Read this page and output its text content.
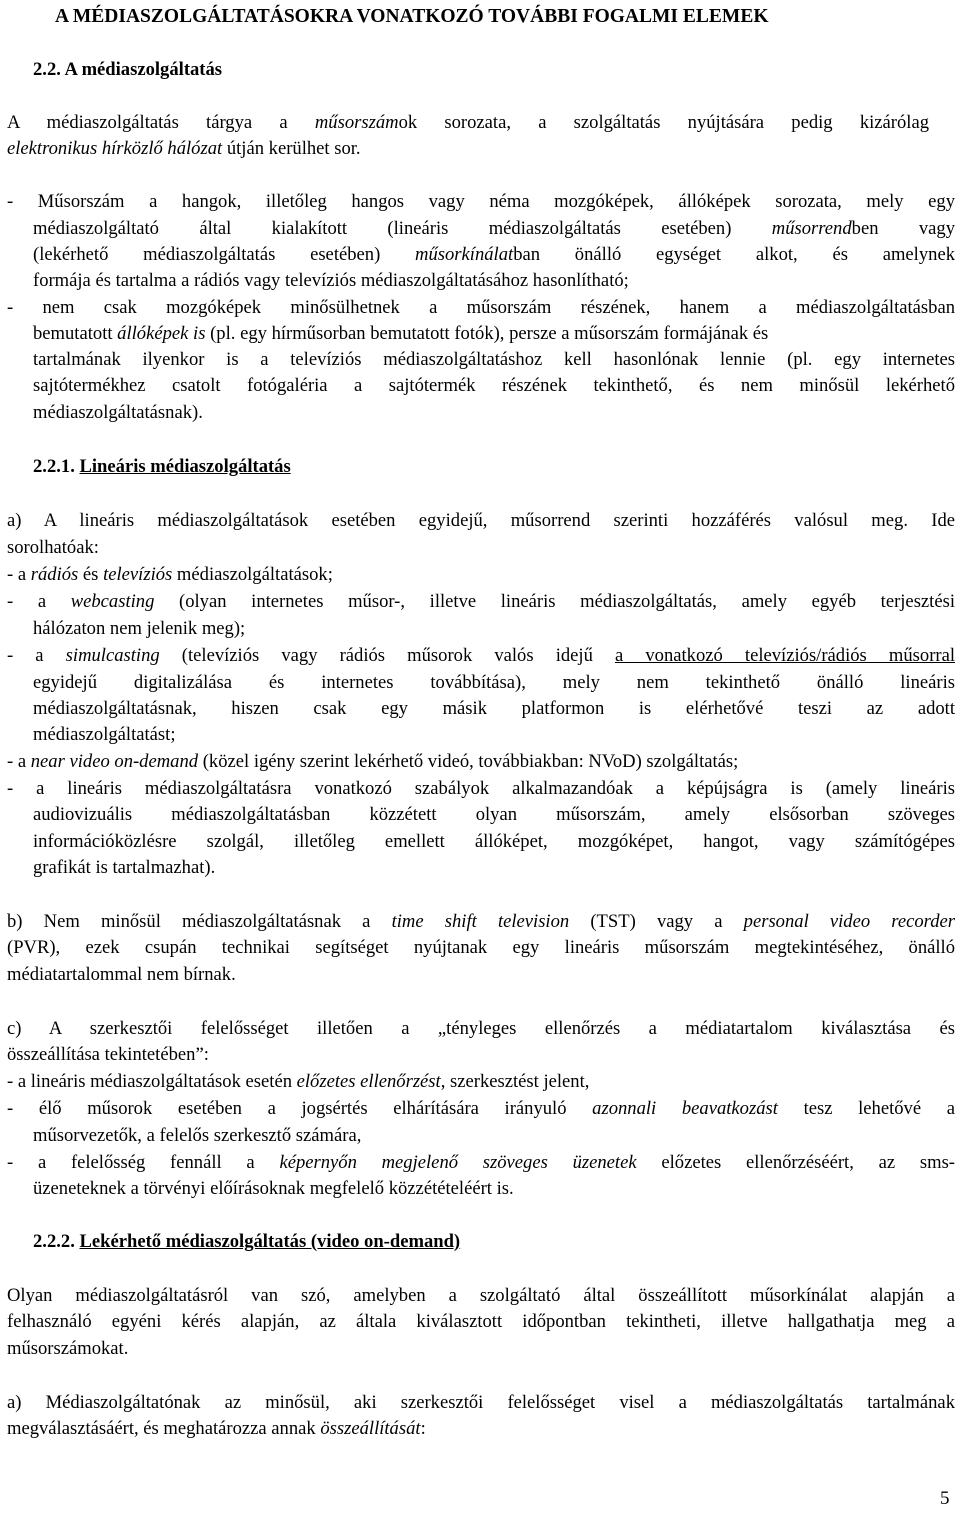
A MÉDIASZOLGÁLTATÁSOKRA VONATKOZÓ TOVÁBBI FOGALMI ELEMEK
2.2. A médiaszolgáltatás
A médiaszolgáltatás tárgya a műsorszámok sorozata, a szolgáltatás nyújtására pedig kizárólag
elektronikus hírközlő hálózat útján kerülhet sor.
- Műsorszám a hangok, illetőleg hangos vagy néma mozgóképek, állóképek sorozata, mely egy
médiaszolgáltató által kialakított (lineáris médiaszolgáltatás esetében) műsorrendben vagy
(lekérhető médiaszolgáltatás esetében) műsorkínálatban önálló egységet alkot, és amelynek
formája és tartalma a rádiós vagy televíziós médiaszolgáltatásához hasonlítható;
- nem csak mozgóképek minősülhetnek a műsorszám részének, hanem a médiaszolgáltatásban
bemutatott állóképek is (pl. egy hírműsorban bemutatott fotók), persze a műsorszám formájának és
tartalmának ilyenkor is a televíziós médiaszolgáltatáshoz kell hasonlónak lennie (pl. egy internetes
sajtótermékhez csatolt fotógaléria a sajtótermék részének tekinthető, és nem minősül lekérhető
médiaszolgáltatásnak).
2.2.1. Lineáris médiaszolgáltatás
a) A lineáris médiaszolgáltatások esetében egyidejű, műsorrend szerinti hozzáférés valósul meg. Ide
sorolhatóak:
- a rádiós és televíziós médiaszolgáltatások;
- a webcasting (olyan internetes műsor-, illetve lineáris médiaszolgáltatás, amely egyéb terjesztési
hálózaton nem jelenik meg);
- a simulcasting (televíziós vagy rádiós műsorok valós idejű a vonatkozó televíziós/rádiós műsorral
egyidejű digitalizálása és internetes továbbítása), mely nem tekinthető önálló lineáris
médiaszolgáltatásnak, hiszen csak egy másik platformon is elérhetővé teszi az adott
médiaszolgáltatást;
- a near video on-demand (közel igény szerint lekérhető videó, továbbiakban: NVoD) szolgáltatás;
- a lineáris médiaszolgáltatásra vonatkozó szabályok alkalmazandóak a képújságra is (amely lineáris
audiovizuális médiaszolgáltatásban közzétett olyan műsorszám, amely elsősorban szöveges
információközlésre szolgál, illetőleg emellett állóképet, mozgóképet, hangot, vagy számítógépes
grafikát is tartalmazhat).
b) Nem minősül médiaszolgáltatásnak a time shift television (TST) vagy a personal video recorder
(PVR), ezek csupán technikai segítséget nyújtanak egy lineáris műsorszám megtekintéséhez, önálló
médiatartalommal nem bírnak.
c) A szerkesztői felelősséget illetően a „tényleges ellenőrzés a médiatartalom kiválasztása és
összeállítása tekintetében”:
- a lineáris médiaszolgáltatások esetén előzetes ellenőrzést, szerkesztést jelent,
- élő műsorok esetében a jogsértés elhárítására irányuló azonnali beavatkozást tesz lehetővé a
műsorvezetők, a felelős szerkesztő számára,
- a felelősség fennáll a képernyőn megjelenő szöveges üzenetek előzetes ellenőrzéséért, az sms-
üzeneteknek a törvényi előírásoknak megfelelő közzétételéért is.
2.2.2. Lekérhető médiaszolgáltatás (video on-demand)
Olyan médiaszolgáltatásról van szó, amelyben a szolgáltató által összeállított műsorkínálat alapján a
felhasználó egyéni kérés alapján, az általa kiválasztott időpontban tekintheti, illetve hallgathatja meg a
műsorszámokat.
a) Médiaszolgáltatónak az minősül, aki szerkesztői felelősséget visel a médiaszolgáltatás tartalmának
megválasztásáért, és meghatározza annak összeállítását:
5
